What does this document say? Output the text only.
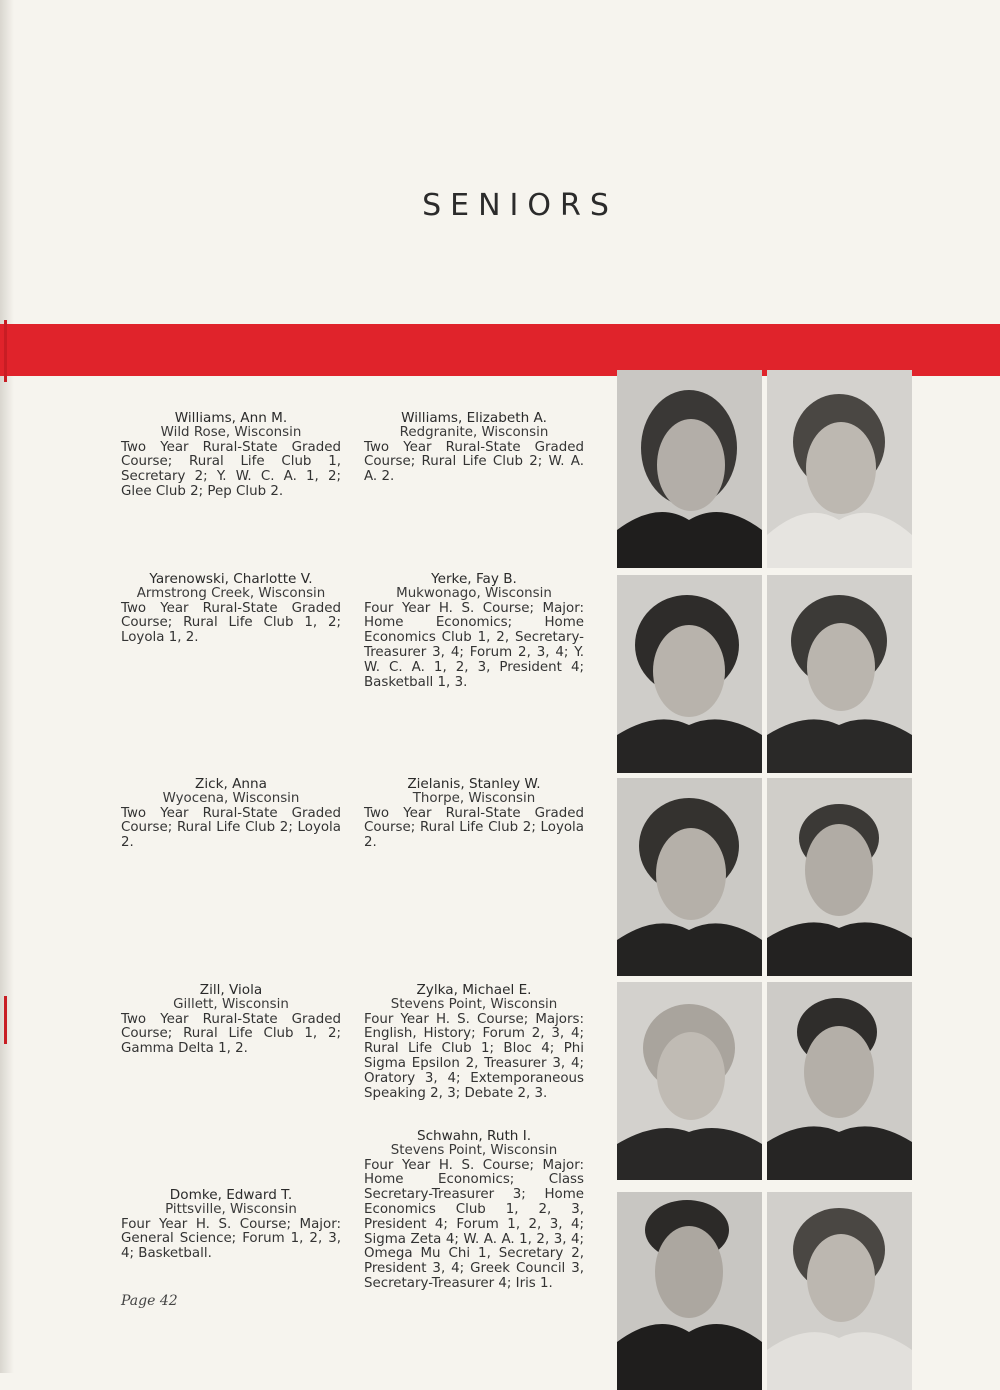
SENIORS
Williams, Ann M.
Wild Rose, Wisconsin
Two Year Rural-State Graded Course; Rural Life Club 1, Secretary 2; Y. W. C. A. 1, 2; Glee Club 2; Pep Club 2.
Williams, Elizabeth A.
Redgranite, Wisconsin
Two Year Rural-State Graded Course; Rural Life Club 2; W. A. A. 2.
Yarenowski, Charlotte V.
Armstrong Creek, Wisconsin
Two Year Rural-State Graded Course; Rural Life Club 1, 2; Loyola 1, 2.
Yerke, Fay B.
Mukwonago, Wisconsin
Four Year H. S. Course; Major: Home Economics; Home Economics Club 1, 2, Secretary-Treasurer 3, 4; Forum 2, 3, 4; Y. W. C. A. 1, 2, 3, President 4; Basketball 1, 3.
Zick, Anna
Wyocena, Wisconsin
Two Year Rural-State Graded Course; Rural Life Club 2; Loyola 2.
Zielanis, Stanley W.
Thorpe, Wisconsin
Two Year Rural-State Graded Course; Rural Life Club 2; Loyola 2.
Zill, Viola
Gillett, Wisconsin
Two Year Rural-State Graded Course; Rural Life Club 1, 2; Gamma Delta 1, 2.
Zylka, Michael E.
Stevens Point, Wisconsin
Four Year H. S. Course; Majors: English, History; Forum 2, 3, 4; Rural Life Club 1; Bloc 4; Phi Sigma Epsilon 2, Treasurer 3, 4; Oratory 3, 4; Extemporaneous Speaking 2, 3; Debate 2, 3.
Domke, Edward T.
Pittsville, Wisconsin
Four Year H. S. Course; Major: General Science; Forum 1, 2, 3, 4; Basketball.
Schwahn, Ruth I.
Stevens Point, Wisconsin
Four Year H. S. Course; Major: Home Economics; Class Secretary-Treasurer 3; Home Economics Club 1, 2, 3, President 4; Forum 1, 2, 3, 4; Sigma Zeta 4; W. A. A. 1, 2, 3, 4; Omega Mu Chi 1, Secretary 2, President 3, 4; Greek Council 3, Secretary-Treasurer 4; Iris 1.
Page 42
